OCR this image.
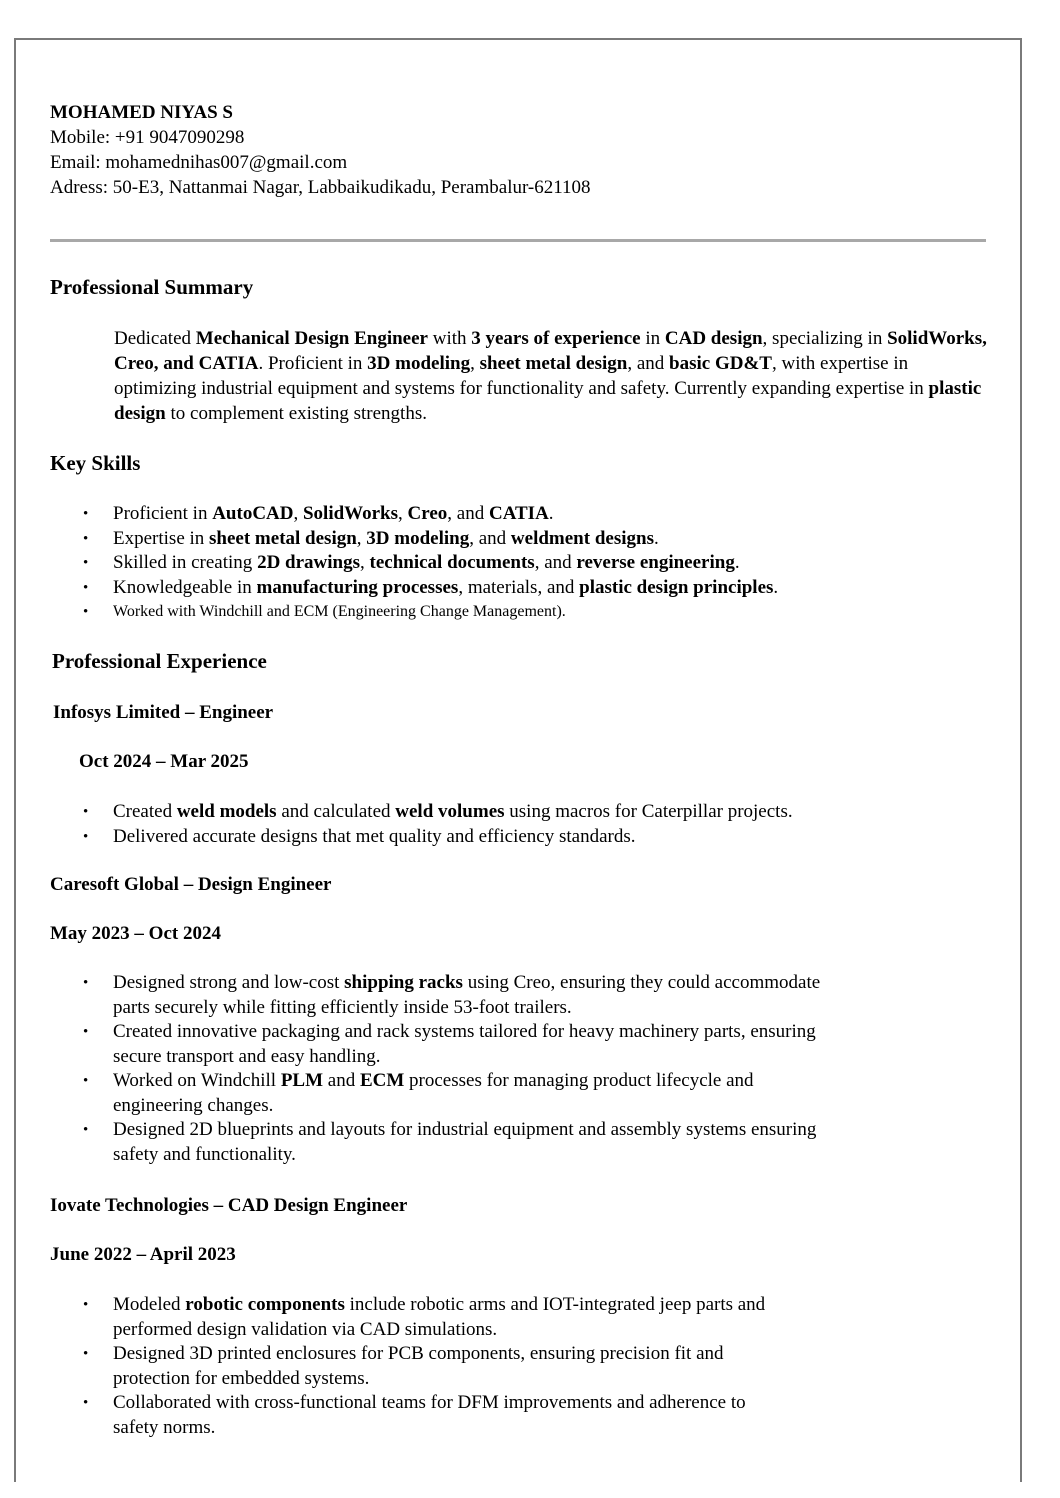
MOHAMED NIYAS S
Mobile: +91 9047090298
Email: mohamednihas007@gmail.com
Adress: 50-E3, Nattanmai Nagar, Labbaikudikadu, Perambalur-621108
Professional Summary
Dedicated Mechanical Design Engineer with 3 years of experience in CAD design, specializing in SolidWorks, Creo, and CATIA. Proficient in 3D modeling, sheet metal design, and basic GD&T, with expertise in optimizing industrial equipment and systems for functionality and safety. Currently expanding expertise in plastic design to complement existing strengths.
Key Skills
• Proficient in AutoCAD, SolidWorks, Creo, and CATIA.
• Expertise in sheet metal design, 3D modeling, and weldment designs.
• Skilled in creating 2D drawings, technical documents, and reverse engineering.
• Knowledgeable in manufacturing processes, materials, and plastic design principles.
• Worked with Windchill and ECM (Engineering Change Management).
Professional Experience
Infosys Limited – Engineer
Oct 2024 – Mar 2025
• Created weld models and calculated weld volumes using macros for Caterpillar projects.
• Delivered accurate designs that met quality and efficiency standards.
Caresoft Global – Design Engineer
May 2023 – Oct 2024
• Designed strong and low-cost shipping racks using Creo, ensuring they could accommodate
parts securely while fitting efficiently inside 53-foot trailers.
• Created innovative packaging and rack systems tailored for heavy machinery parts, ensuring
secure transport and easy handling.
• Worked on Windchill PLM and ECM processes for managing product lifecycle and
engineering changes.
• Designed 2D blueprints and layouts for industrial equipment and assembly systems ensuring
safety and functionality.
Iovate Technologies – CAD Design Engineer
June 2022 – April 2023
• Modeled robotic components include robotic arms and IOT-integrated jeep parts and
performed design validation via CAD simulations.
• Designed 3D printed enclosures for PCB components, ensuring precision fit and
protection for embedded systems.
• Collaborated with cross-functional teams for DFM improvements and adherence to
safety norms.
